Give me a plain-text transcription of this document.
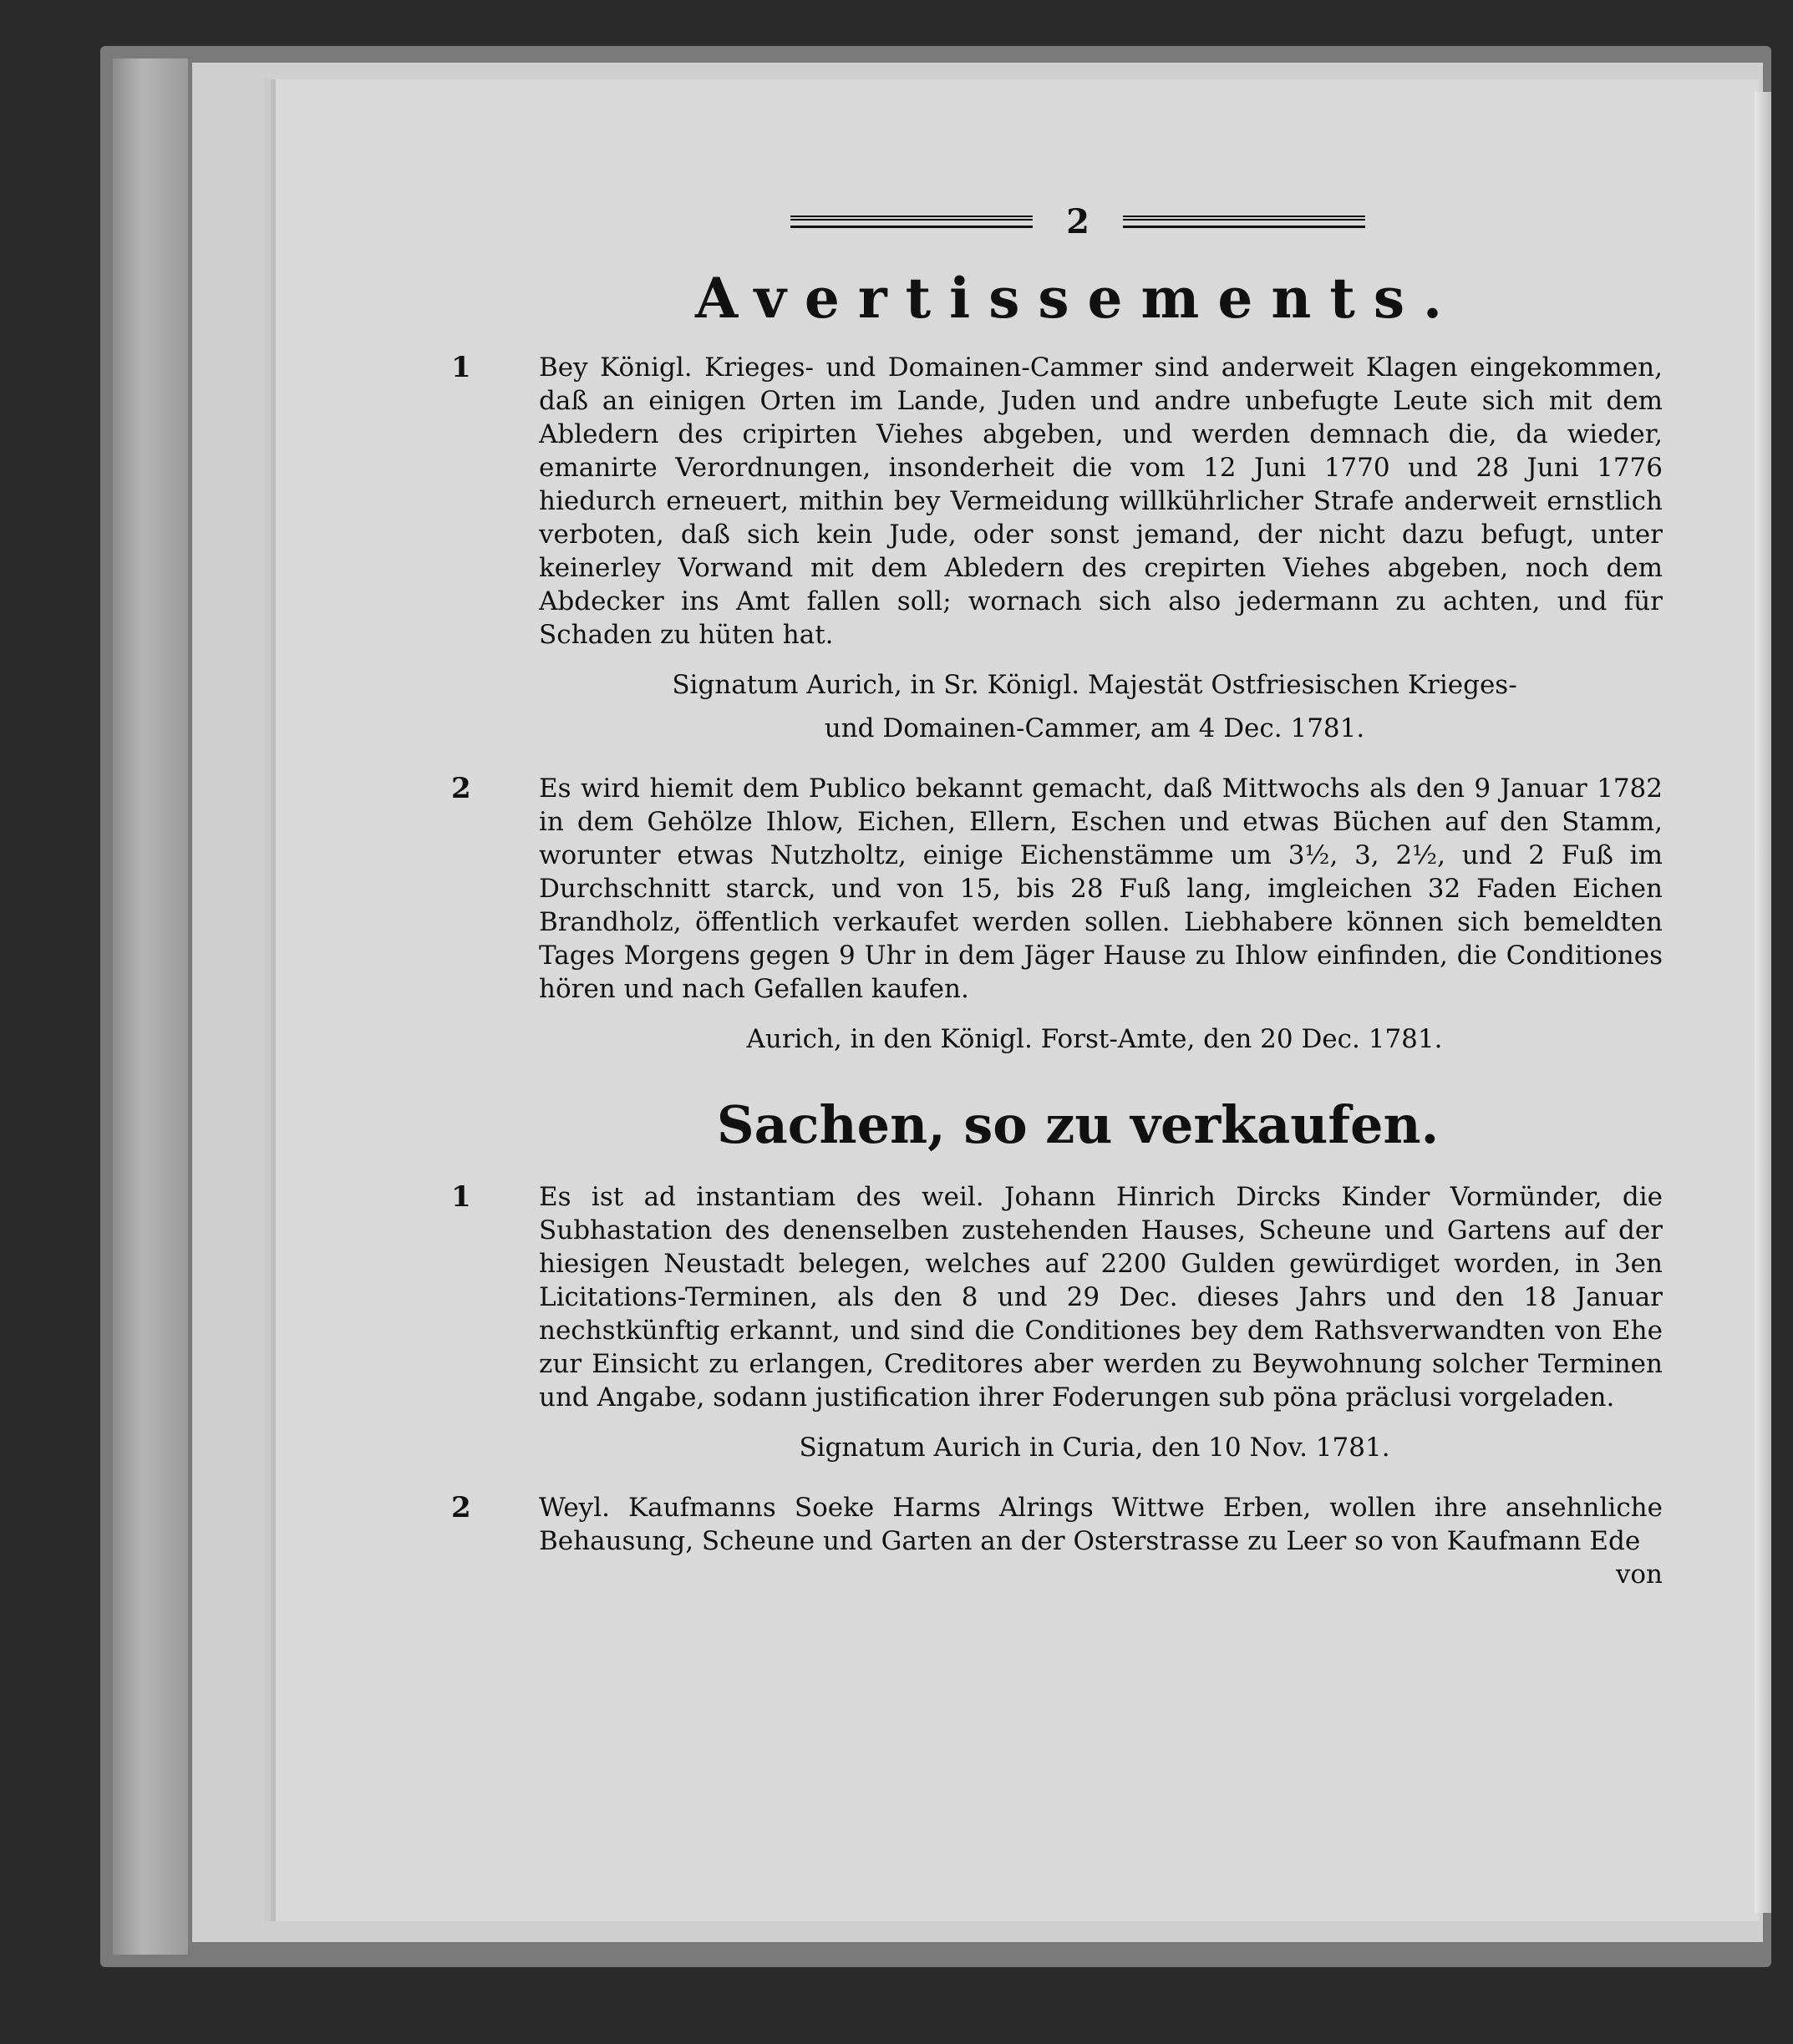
2
Avertissements.
1	Bey Königl. Krieges- und Domainen-Cammer sind anderweit Klagen eingekommen, daß an einigen Orten im Lande, Juden und andre unbefugte Leute sich mit dem Abledern des cripirten Viehes abgeben, und werden demnach die, da wieder, emanirte Verordnungen, insonderheit die vom 12 Juni 1770 und 28 Juni 1776 hiedurch erneuert, mithin bey Vermeidung willkührlicher Strafe anderweit ernstlich verboten, daß sich kein Jude, oder sonst jemand, der nicht dazu befugt, unter keinerley Vorwand mit dem Abledern des crepirten Viehes abgeben, noch dem Abdecker ins Amt fallen soll; wornach sich also jedermann zu achten, und für Schaden zu hüten hat.
Signatum Aurich, in Sr. Königl. Majestät Ostfriesischen Krieges-
und Domainen-Cammer, am 4 Dec. 1781.
2	Es wird hiemit dem Publico bekannt gemacht, daß Mittwochs als den 9 Januar 1782 in dem Gehölze Ihlow, Eichen, Ellern, Eschen und etwas Büchen auf den Stamm, worunter etwas Nutzholtz, einige Eichenstämme um 3½, 3, 2½, und 2 Fuß im Durchschnitt starck, und von 15, bis 28 Fuß lang, imgleichen 32 Faden Eichen Brandholz, öffentlich verkaufet werden sollen. Liebhabere können sich bemeldten Tages Morgens gegen 9 Uhr in dem Jäger Hause zu Ihlow einfinden, die Conditiones hören und nach Gefallen kaufen.
Aurich, in den Königl. Forst-Amte, den 20 Dec. 1781.
Sachen, so zu verkaufen.
1	Es ist ad instantiam des weil. Johann Hinrich Dircks Kinder Vormünder, die Subhastation des denenselben zustehenden Hauses, Scheune und Gartens auf der hiesigen Neustadt belegen, welches auf 2200 Gulden gewürdiget worden, in 3en Licitations-Terminen, als den 8 und 29 Dec. dieses Jahrs und den 18 Januar nechstkünftig erkannt, und sind die Conditiones bey dem Rathsverwandten von Ehe zur Einsicht zu erlangen, Creditores aber werden zu Beywohnung solcher Terminen und Angabe, sodann justification ihrer Foderungen sub pöna präclusi vorgeladen.
Signatum Aurich in Curia, den 10 Nov. 1781.
2	Weyl. Kaufmanns Soeke Harms Alrings Wittwe Erben, wollen ihre ansehnliche Behausung, Scheune und Garten an der Osterstrasse zu Leer so von Kaufmann Ede
von
